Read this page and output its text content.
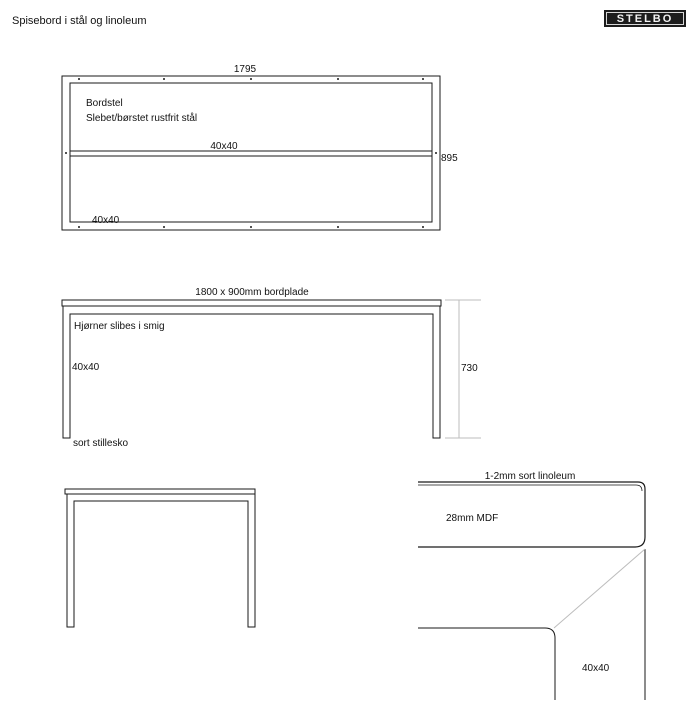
Spisebord i stål og linoleum	STELBO
1795
895
Bordstel
Slebet/børstet rustfrit stål
40x40
40x40
1800 x 900mm bordplade
Hjørner slibes i smig
40x40	730
sort stillesko
1-2mm sort linoleum
28mm MDF
40x40
